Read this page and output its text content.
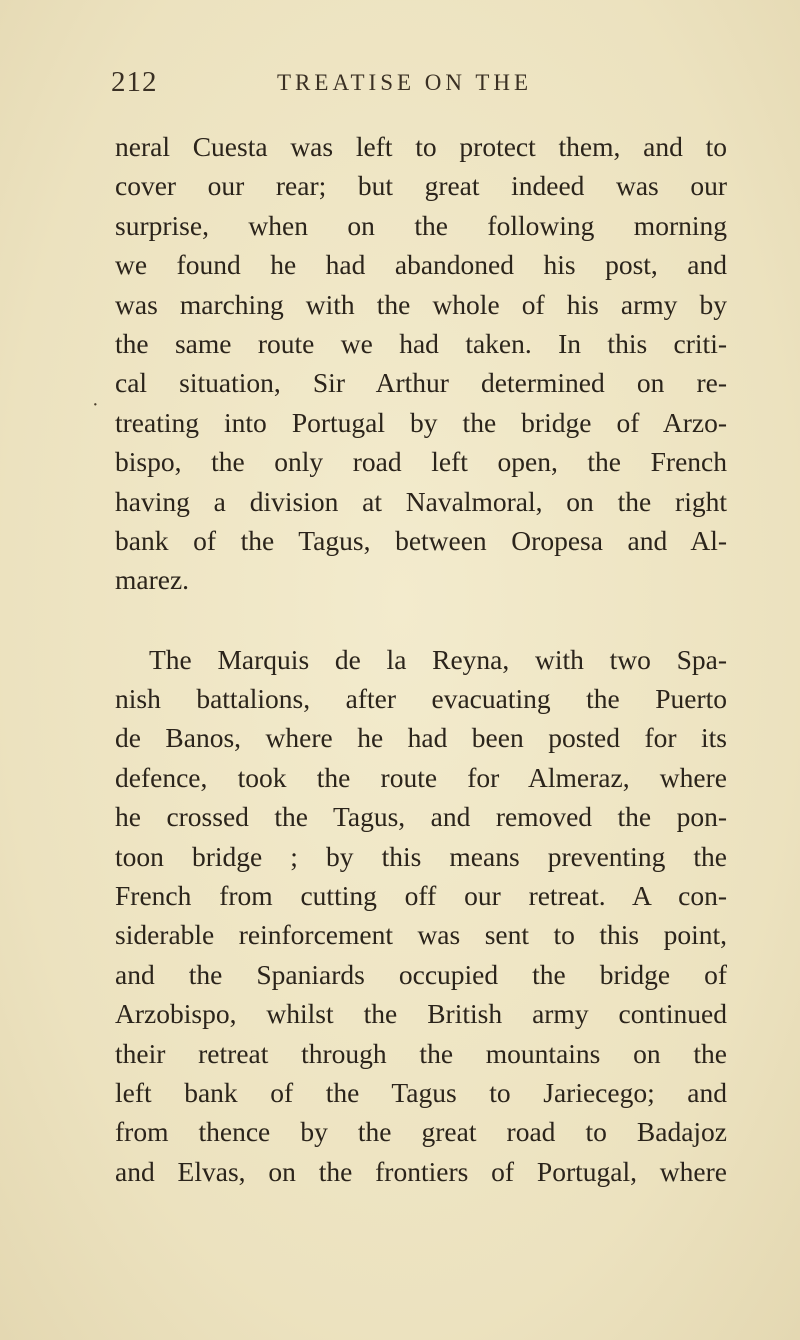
212	TREATISE ON THE
·
neral Cuesta was left to protect them, and to
cover our rear; but great indeed was our
surprise, when on the following morning
we found he had abandoned his post, and
was marching with the whole of his army by
the same route we had taken. In this criti-
cal situation, Sir Arthur determined on re-
treating into Portugal by the bridge of Arzo-
bispo, the only road left open, the French
having a division at Navalmoral, on the right
bank of the Tagus, between Oropesa and Al-
marez.
The Marquis de la Reyna, with two Spa-
nish battalions, after evacuating the Puerto
de Banos, where he had been posted for its
defence, took the route for Almeraz, where
he crossed the Tagus, and removed the pon-
toon bridge ; by this means preventing the
French from cutting off our retreat. A con-
siderable reinforcement was sent to this point,
and the Spaniards occupied the bridge of
Arzobispo, whilst the British army continued
their retreat through the mountains on the
left bank of the Tagus to Jariecego; and
from thence by the great road to Badajoz
and Elvas, on the frontiers of Portugal, where
